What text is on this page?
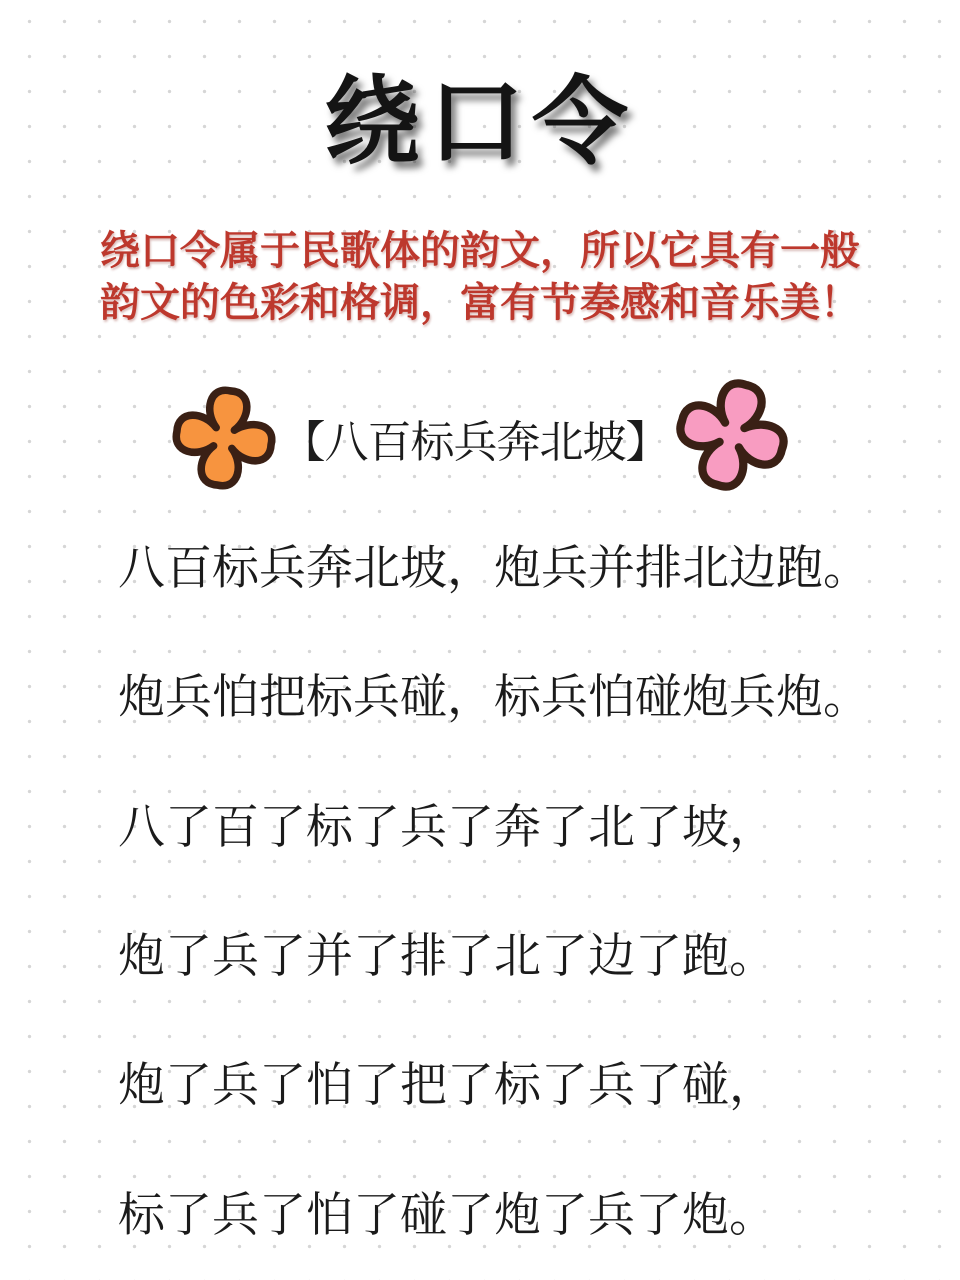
绕口令
绕口令属于民歌体的韵文，所以它具有一般
韵文的色彩和格调，富有节奏感和音乐美！
【八百标兵奔北坡】

八百标兵奔北坡，炮兵并排北边跑。

炮兵怕把标兵碰，标兵怕碰炮兵炮。

八了百了标了兵了奔了北了坡，

炮了兵了并了排了北了边了跑。

炮了兵了怕了把了标了兵了碰，

标了兵了怕了碰了炮了兵了炮。
